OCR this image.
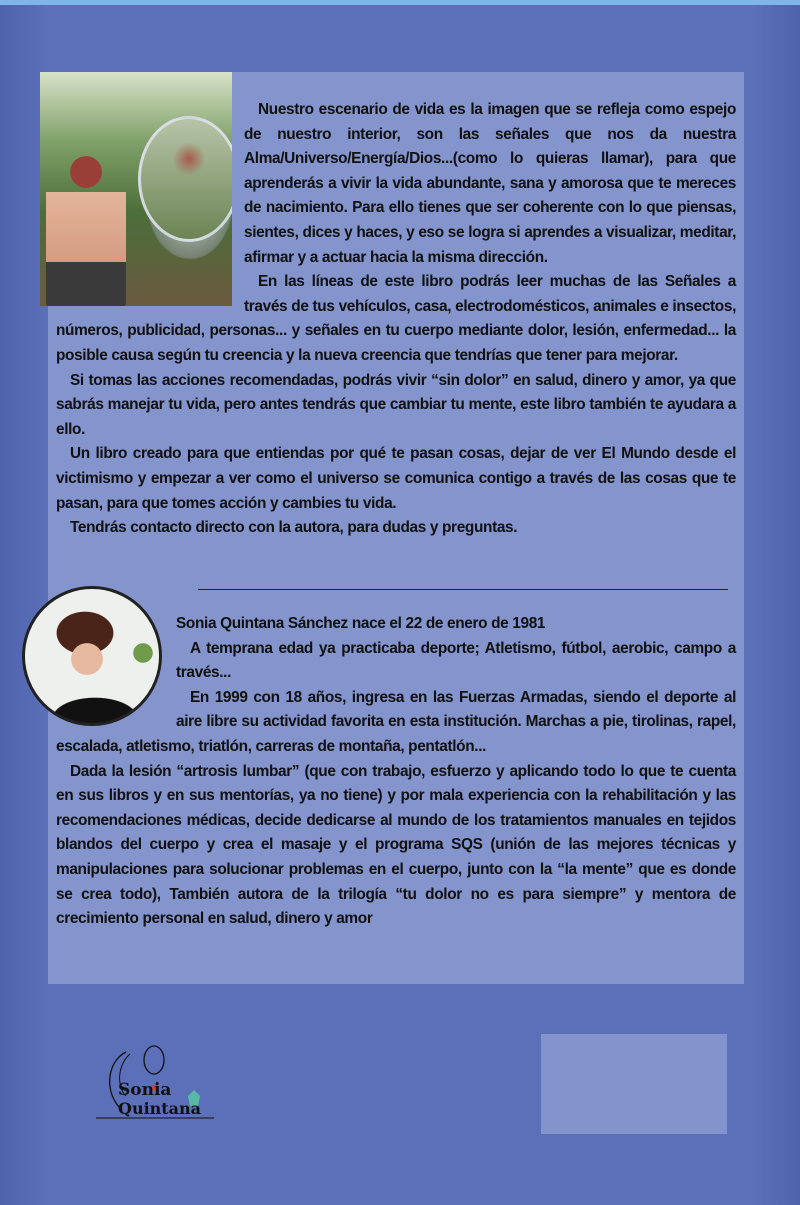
Nuestro escenario de vida es la imagen que se refleja como espejo de nuestro interior, son las señales que nos da nuestra Alma/Universo/Energía/Dios...(como lo quieras llamar), para que aprenderás a vivir la vida abundante, sana y amorosa que te mereces de nacimiento. Para ello tienes que ser coherente con lo que piensas, sientes, dices y haces, y eso se logra si aprendes a visualizar, meditar, afirmar y a actuar hacia la misma dirección.

En las líneas de este libro podrás leer muchas de las Señales a través de tus vehículos, casa, electrodomésticos, animales e insectos, números, publicidad, personas... y señales en tu cuerpo mediante dolor, lesión, enfermedad... la posible causa según tu creencia y la nueva creencia que tendrías que tener para mejorar.

Si tomas las acciones recomendadas, podrás vivir “sin dolor” en salud, dinero y amor, ya que sabrás manejar tu vida, pero antes tendrás que cambiar tu mente, este libro también te ayudara a ello.

Un libro creado para que entiendas por qué te pasan cosas, dejar de ver El Mundo desde el victimismo y empezar a ver como el universo se comunica contigo a través de las cosas que te pasan, para que tomes acción y cambies tu vida.

Tendrás contacto directo con la autora, para dudas y preguntas.

Sonia Quintana Sánchez nace el 22 de enero de 1981

A temprana edad ya practicaba deporte; Atletismo, fútbol, aerobic, campo a través...

En 1999 con 18 años, ingresa en las Fuerzas Armadas, siendo el deporte al aire libre su actividad favorita en esta institución. Marchas a pie, tirolinas, rapel, escalada, atletismo, triatlón, carreras de montaña, pentatlón...

Dada la lesión “artrosis lumbar” (que con trabajo, esfuerzo y aplicando todo lo que te cuenta en sus libros y en sus mentorías, ya no tiene) y por mala experiencia con la rehabilitación y las recomendaciones médicas, decide dedicarse al mundo de los tratamientos manuales en tejidos blandos del cuerpo y crea el masaje y el programa SQS (unión de las mejores técnicas y manipulaciones para solucionar problemas en el cuerpo, junto con la “la mente” que es donde se crea todo), También autora de la trilogía “tu dolor no es para siempre” y mentora de crecimiento personal en salud, dinero y amor

Sonia
Quintana
